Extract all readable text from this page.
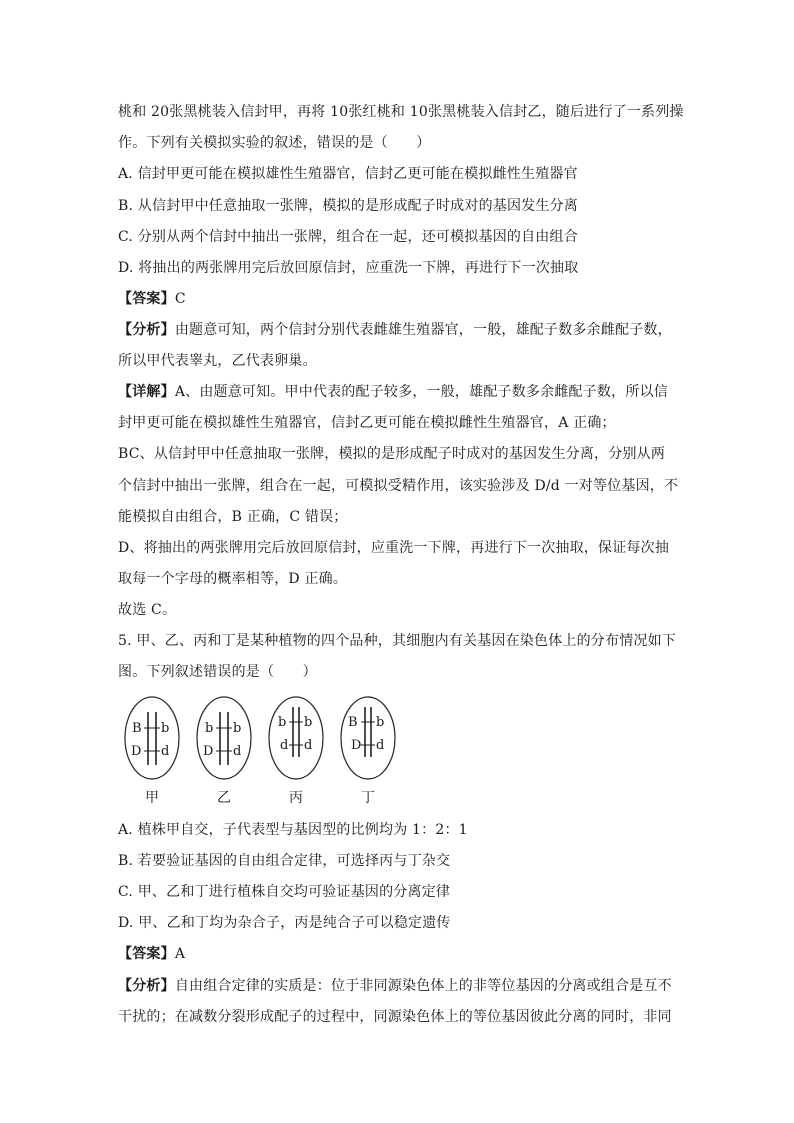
桃和 20张黑桃装入信封甲，再将 10张红桃和 10张黑桃装入信封乙，随后进行了一系列操
作。下列有关模拟实验的叙述，错误的是（　　）
A. 信封甲更可能在模拟雄性生殖器官，信封乙更可能在模拟雌性生殖器官
B. 从信封甲中任意抽取一张牌，模拟的是形成配子时成对的基因发生分离
C. 分别从两个信封中抽出一张牌，组合在一起，还可模拟基因的自由组合
D. 将抽出的两张牌用完后放回原信封，应重洗一下牌，再进行下一次抽取
【答案】C
【分析】由题意可知，两个信封分别代表雌雄生殖器官，一般，雄配子数多余雌配子数，
所以甲代表睾丸，乙代表卵巢。
【详解】A、由题意可知。甲中代表的配子较多，一般，雄配子数多余雌配子数，所以信
封甲更可能在模拟雄性生殖器官，信封乙更可能在模拟雌性生殖器官，A 正确；
BC、从信封甲中任意抽取一张牌，模拟的是形成配子时成对的基因发生分离，分别从两
个信封中抽出一张牌，组合在一起，可模拟受精作用，该实验涉及 D/d 一对等位基因，不
能模拟自由组合，B 正确，C 错误；
D、将抽出的两张牌用完后放回原信封，应重洗一下牌，再进行下一次抽取，保证每次抽
取每一个字母的概率相等，D 正确。
故选 C。
5. 甲、乙、丙和丁是某种植物的四个品种，其细胞内有关基因在染色体上的分布情况如下
图。下列叙述错误的是（　　）
B b
D d
甲
b b
D d
乙
b b
d d
丙
B b
D d
丁
A. 植株甲自交，子代表型与基因型的比例均为 1：2：1
B. 若要验证基因的自由组合定律，可选择丙与丁杂交
C. 甲、乙和丁进行植株自交均可验证基因的分离定律
D. 甲、乙和丁均为杂合子，丙是纯合子可以稳定遗传
【答案】A
【分析】自由组合定律的实质是：位于非同源染色体上的非等位基因的分离或组合是互不
干扰的；在减数分裂形成配子的过程中，同源染色体上的等位基因彼此分离的同时，非同
